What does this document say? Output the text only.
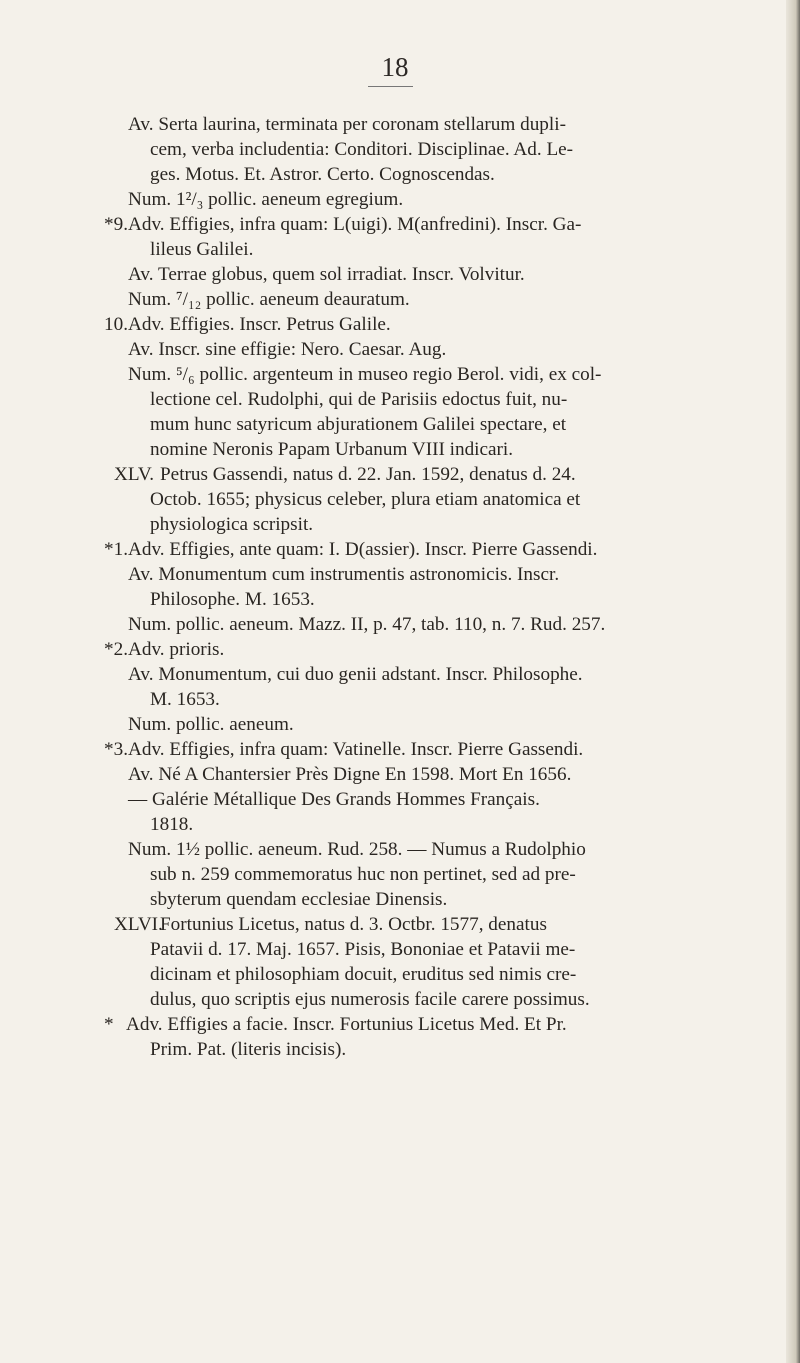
18
Av. Serta laurina, terminata per coronam stellarum dupli-
cem, verba includentia: Conditori. Disciplinae. Ad. Le-
ges. Motus. Et. Astror. Certo. Cognoscendas.
Num. 1²/₃ pollic. aeneum egregium.
*9. Adv. Effigies, infra quam: L(uigi). M(anfredini). Inscr. Ga-
lileus Galilei.
Av. Terrae globus, quem sol irradiat. Inscr. Volvitur.
Num. ⁷/₁₂ pollic. aeneum deauratum.
10. Adv. Effigies. Inscr. Petrus Galile.
Av. Inscr. sine effigie: Nero. Caesar. Aug.
Num. ⁵/₆ pollic. argenteum in museo regio Berol. vidi, ex col-
lectione cel. Rudolphi, qui de Parisiis edoctus fuit, nu-
mum hunc satyricum abjurationem Galilei spectare, et
nomine Neronis Papam Urbanum VIII indicari.
XLV. Petrus Gassendi, natus d. 22. Jan. 1592, denatus d. 24.
Octob. 1655; physicus celeber, plura etiam anatomica et
physiologica scripsit.
*1. Adv. Effigies, ante quam: I. D(assier). Inscr. Pierre Gassendi.
Av. Monumentum cum instrumentis astronomicis. Inscr.
Philosophe. M. 1653.
Num. pollic. aeneum. Mazz. II, p. 47, tab. 110, n. 7. Rud. 257.
*2. Adv. prioris.
Av. Monumentum, cui duo genii adstant. Inscr. Philosophe.
M. 1653.
Num. pollic. aeneum.
*3. Adv. Effigies, infra quam: Vatinelle. Inscr. Pierre Gassendi.
Av. Né A Chantersier Près Digne En 1598. Mort En 1656.
— Galérie Métallique Des Grands Hommes Français.
1818.
Num. 1½ pollic. aeneum. Rud. 258. — Numus a Rudolphio
sub n. 259 commemoratus huc non pertinet, sed ad pre-
sbyterum quendam ecclesiae Dinensis.
XLVI.
Fortunius Licetus, natus d. 3. Octbr. 1577, denatus
Patavii d. 17. Maj. 1657. Pisis, Bononiae et Patavii me-
dicinam et philosophiam docuit, eruditus sed nimis cre-
dulus, quo scriptis ejus numerosis facile carere possimus.
* Adv. Effigies a facie. Inscr. Fortunius Licetus Med. Et Pr.
Prim. Pat. (literis incisis).
